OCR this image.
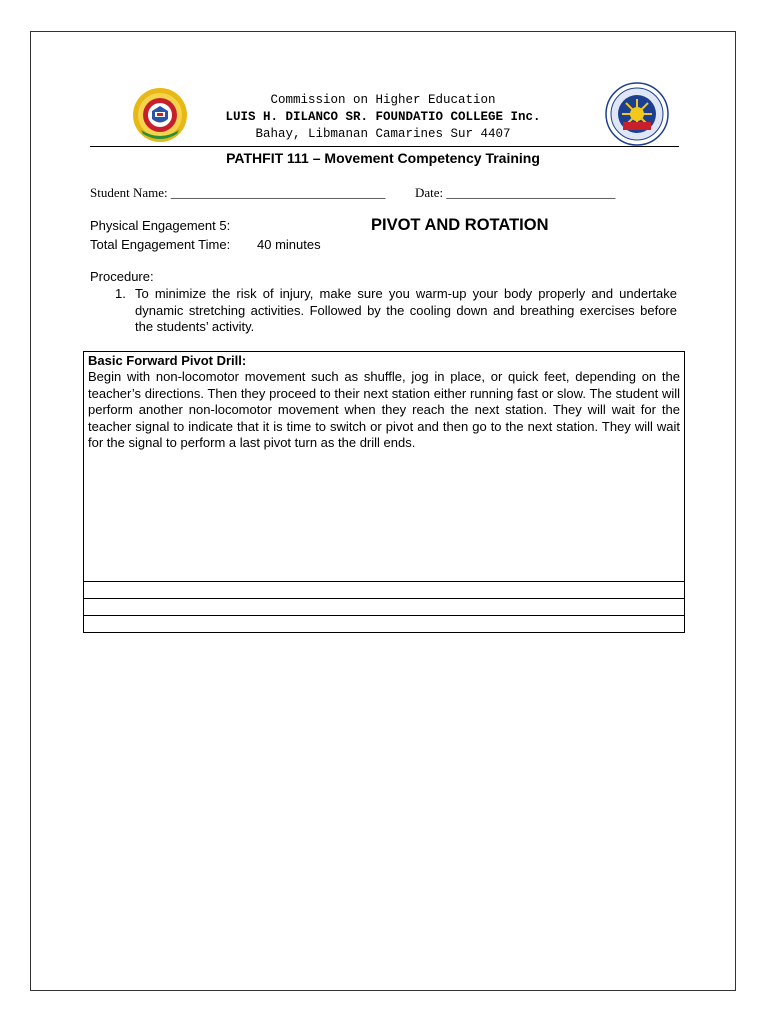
Commission on Higher Education
LUIS H. DILANCO SR. FOUNDATIO COLLEGE Inc.
Bahay, Libmanan Camarines Sur 4407
PATHFIT 111 – Movement Competency Training
Student Name: _________________________________ Date: __________________________
Physical Engagement 5:	PIVOT AND ROTATION
Total Engagement Time: 40 minutes
Procedure:
1. To minimize the risk of injury, make sure you warm-up your body properly and undertake dynamic stretching activities. Followed by the cooling down and breathing exercises before the students’ activity.
Basic Forward Pivot Drill:
Begin with non-locomotor movement such as shuffle, jog in place, or quick feet, depending on the teacher’s directions. Then they proceed to their next station either running fast or slow. The student will perform another non-locomotor movement when they reach the next station. They will wait for the teacher signal to indicate that it is time to switch or pivot and then go to the next station. They will wait for the signal to perform a last pivot turn as the drill ends.
